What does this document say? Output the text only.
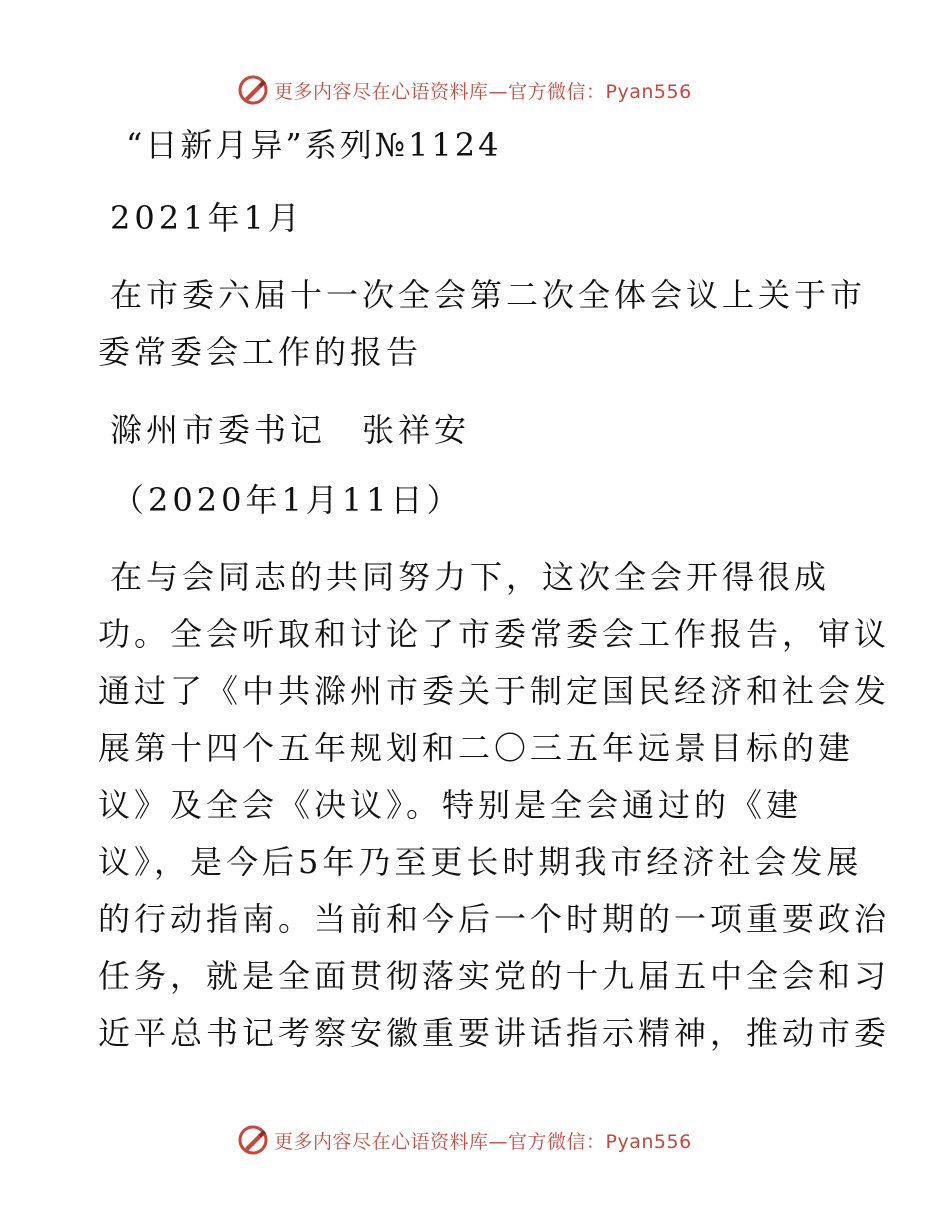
更多内容尽在心语资料库—官方微信：Pyan556
“日新月异”系列№1124
2021年1月
在市委六届十一次全会第二次全体会议上关于市
委常委会工作的报告
滁州市委书记　张祥安
（2020年1月11日）
在与会同志的共同努力下，这次全会开得很成
功。全会听取和讨论了市委常委会工作报告，审议
通过了《中共滁州市委关于制定国民经济和社会发
展第十四个五年规划和二〇三五年远景目标的建
议》及全会《决议》。特别是全会通过的《建
议》，是今后5年乃至更长时期我市经济社会发展
的行动指南。当前和今后一个时期的一项重要政治
任务，就是全面贯彻落实党的十九届五中全会和习
近平总书记考察安徽重要讲话指示精神，推动市委
更多内容尽在心语资料库—官方微信：Pyan556
